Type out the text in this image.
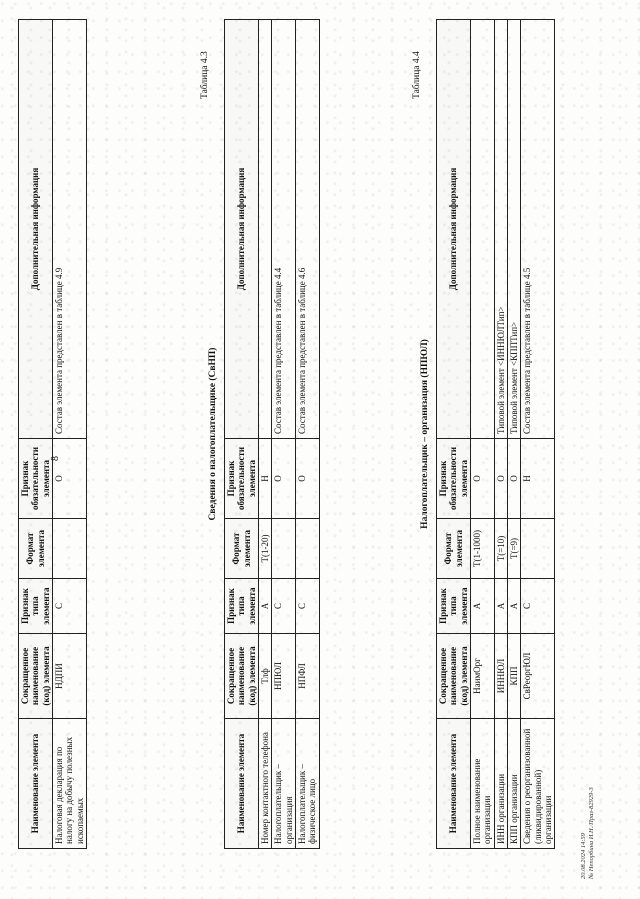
8
Наименование элемента	Сокращенное наименование (код) элемента	Признак типа элемента	Формат элемента	Признак обязательности элемента	Дополнительная информация
Налоговая декларация по налогу на добычу полезных ископаемых	НДПИ	С		О	Состав элемента представлен в таблице 4.9
Таблица 4.3
Сведения о налогоплательщике (СвНП)
Наименование элемента	Сокращенное наименование (код) элемента	Признак типа элемента	Формат элемента	Признак обязательности элемента	Дополнительная информация
Номер контактного телефона	Тлф	А	Т(1-20)	Н	
Налогоплательщик – организация	НПЮЛ	С		О	Состав элемента представлен в таблице 4.4
Налогоплательщик – физическое лицо	НПФЛ	С		О	Состав элемента представлен в таблице 4.6
Таблица 4.4
Налогоплательщик – организация (НПЮЛ)
Наименование элемента	Сокращенное наименование (код) элемента	Признак типа элемента	Формат элемента	Признак обязательности элемента	Дополнительная информация
Полное наименование организации	НаимОрг	А	Т(1-1000)	О	
ИНН организации	ИННЮЛ	А	Т(=10)	О	Типовой элемент <ИННЮЛТип>
КПП организации	КПП	А	Т(=9)	О	Типовой элемент <КППТип>
Сведения о реорганизованной (ликвидированной) организации	СвРеоргЮЛ	С		Н	Состав элемента представлен в таблице 4.5
20.08.2024 14:59 № Непорбина И.Н./Праз-82929-3
